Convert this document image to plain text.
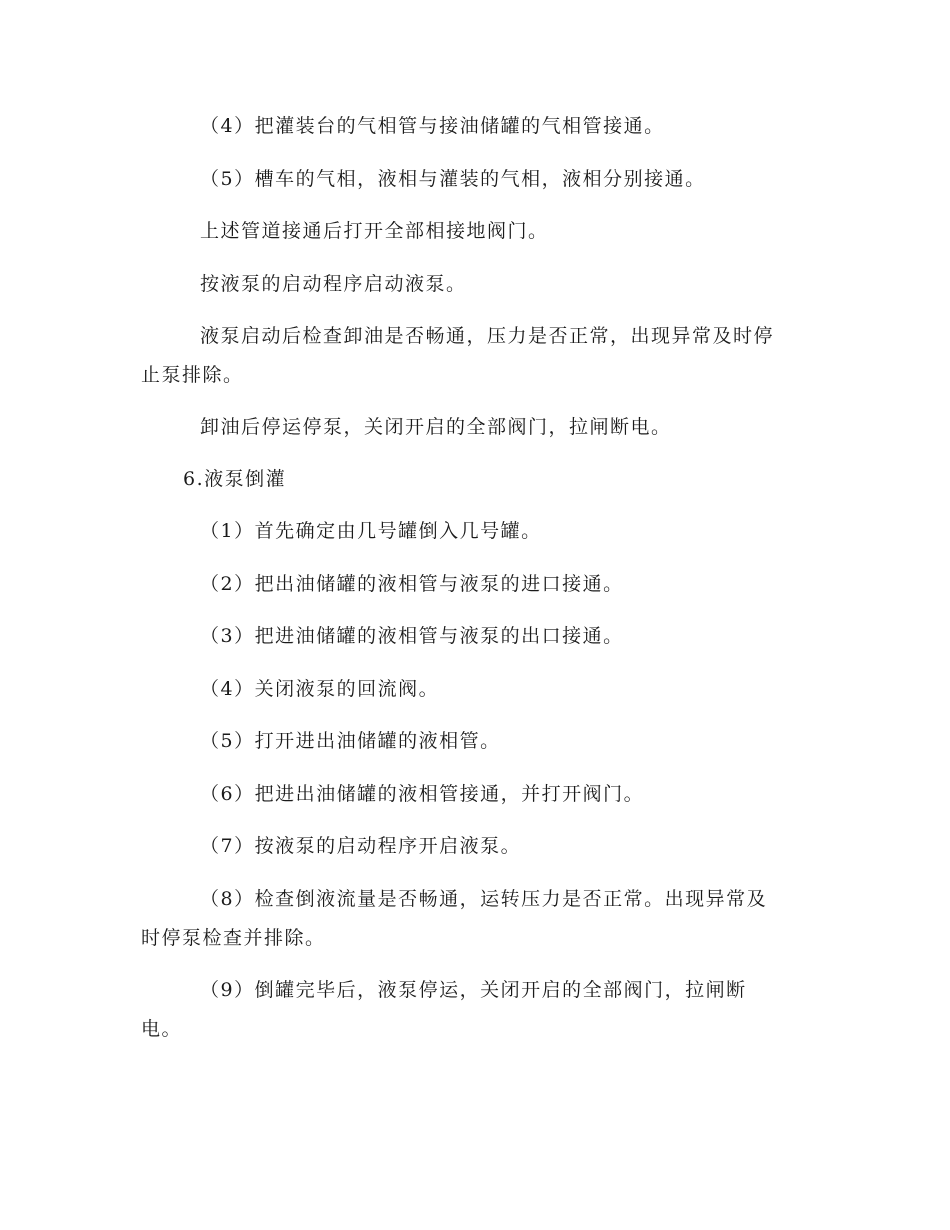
（4）把灌装台的气相管与接油储罐的气相管接通。
（5）槽车的气相，液相与灌装的气相，液相分别接通。
上述管道接通后打开全部相接地阀门。
按液泵的启动程序启动液泵。
液泵启动后检查卸油是否畅通，压力是否正常，出现异常及时停
止泵排除。
卸油后停运停泵，关闭开启的全部阀门，拉闸断电。
6.液泵倒灌
（1）首先确定由几号罐倒入几号罐。
（2）把出油储罐的液相管与液泵的进口接通。
（3）把进油储罐的液相管与液泵的出口接通。
（4）关闭液泵的回流阀。
（5）打开进出油储罐的液相管。
（6）把进出油储罐的液相管接通，并打开阀门。
（7）按液泵的启动程序开启液泵。
（8）检查倒液流量是否畅通，运转压力是否正常。出现异常及
时停泵检查并排除。
（9）倒罐完毕后，液泵停运，关闭开启的全部阀门，拉闸断
电。
